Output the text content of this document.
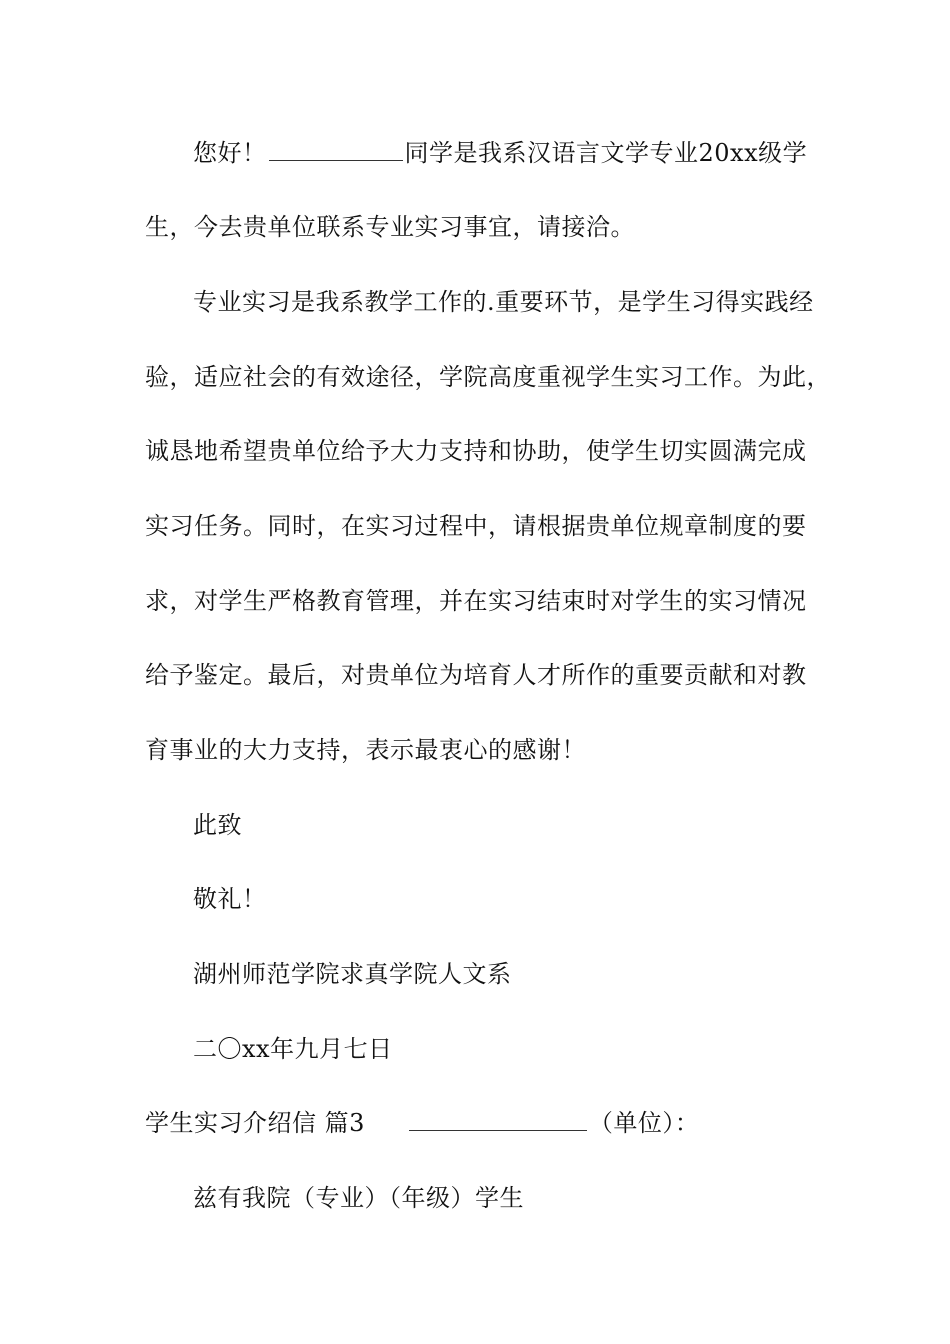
您好！	同学是我系汉语言文学专业20xx级学
生，今去贵单位联系专业实习事宜，请接洽。
专业实习是我系教学工作的.重要环节，是学生习得实践经
验，适应社会的有效途径，学院高度重视学生实习工作。为此，
诚恳地希望贵单位给予大力支持和协助，使学生切实圆满完成
实习任务。同时，在实习过程中，请根据贵单位规章制度的要
求，对学生严格教育管理，并在实习结束时对学生的实习情况
给予鉴定。最后，对贵单位为培育人才所作的重要贡献和对教
育事业的大力支持，表示最衷心的感谢！
此致
敬礼！
湖州师范学院求真学院人文系
二〇xx年九月七日
学生实习介绍信 篇3	（单位）：
兹有我院（专业）（年级）学生
